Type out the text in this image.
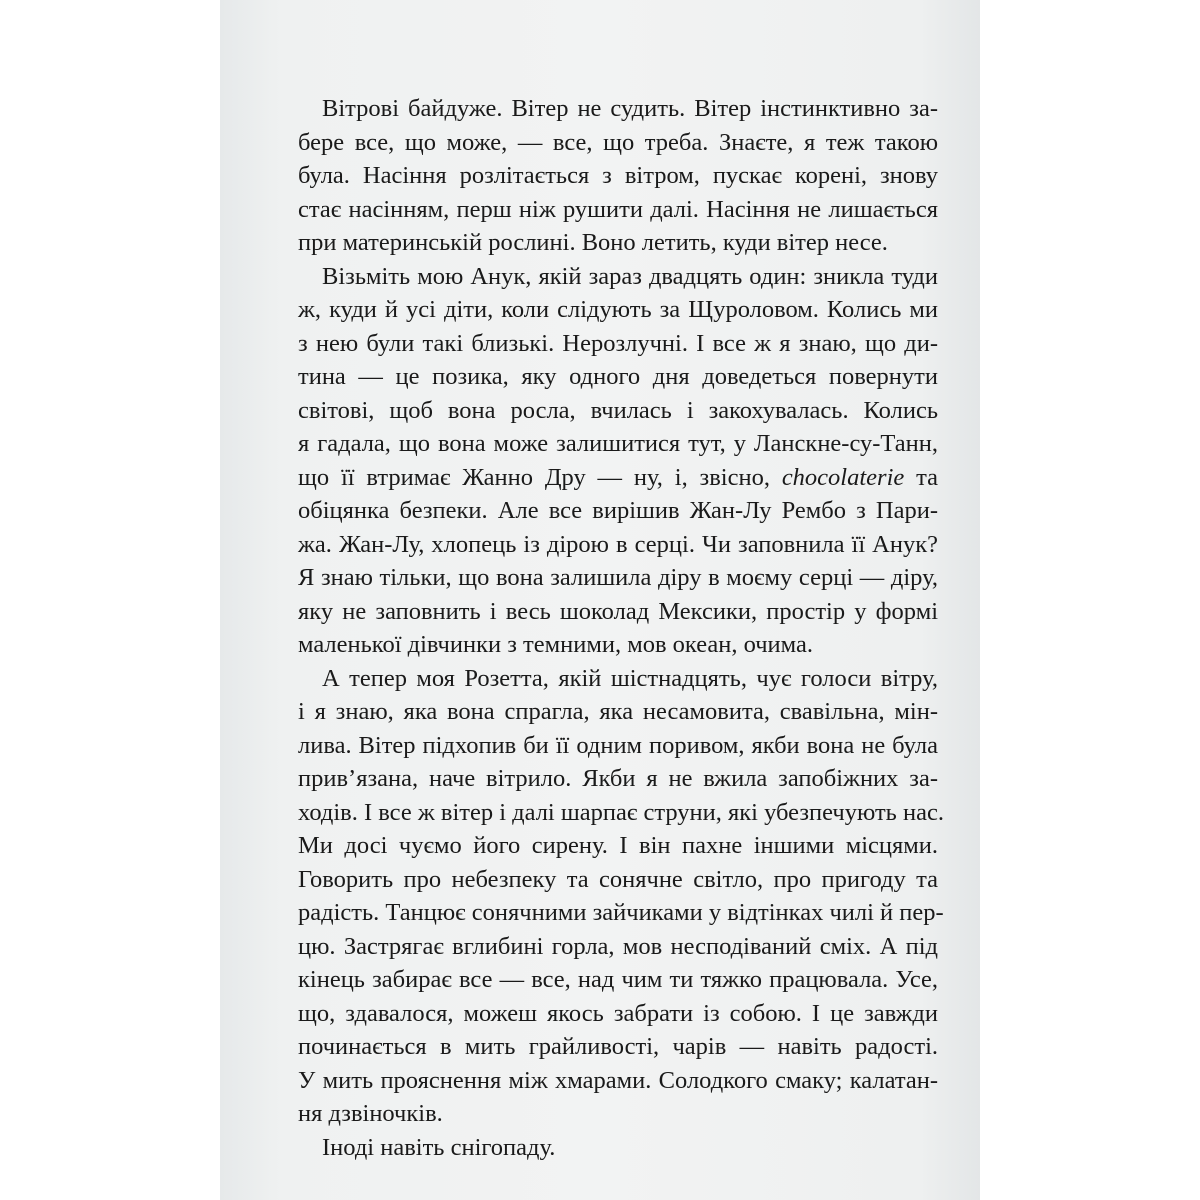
Вітрові байдуже. Вітер не судить. Вітер інстинктивно за-
бере все, що може, — все, що треба. Знаєте, я теж такою
була. Насіння розлітається з вітром, пускає корені, знову
стає насінням, перш ніж рушити далі. Насіння не лишається
при материнській рослині. Воно летить, куди вітер несе.

Візьміть мою Анук, якій зараз двадцять один: зникла туди
ж, куди й усі діти, коли слідують за Щуроловом. Колись ми
з нею були такі близькі. Нерозлучні. І все ж я знаю, що ди-
тина — це позика, яку одного дня доведеться повернути
світові, щоб вона росла, вчилась і закохувалась. Колись
я гадала, що вона може залишитися тут, у Ланскне-су-Танн,
що її втримає Жанно Дру — ну, і, звісно, chocolaterie та
обіцянка безпеки. Але все вирішив Жан-Лу Рембо з Пари-
жа. Жан-Лу, хлопець із дірою в серці. Чи заповнила її Анук?
Я знаю тільки, що вона залишила діру в моєму серці — діру,
яку не заповнить і весь шоколад Мексики, простір у формі
маленької дівчинки з темними, мов океан, очима.

А тепер моя Розетта, якій шістнадцять, чує голоси вітру,
і я знаю, яка вона спрагла, яка несамовита, свавільна, мін-
лива. Вітер підхопив би її одним поривом, якби вона не була
прив’язана, наче вітрило. Якби я не вжила запобіжних за-
ходів. І все ж вітер і далі шарпає струни, які убезпечують нас.
Ми досі чуємо його сирену. І він пахне іншими місцями.
Говорить про небезпеку та сонячне світло, про пригоду та
радість. Танцює сонячними зайчиками у відтінках чилі й пер-
цю. Застрягає вглибині горла, мов несподіваний сміх. А під
кінець забирає все — все, над чим ти тяжко працювала. Усе,
що, здавалося, можеш якось забрати із собою. І це завжди
починається в мить грайливості, чарів — навіть радості.
У мить прояснення між хмарами. Солодкого смаку; калатан-
ня дзвіночків.

Іноді навіть снігопаду.
